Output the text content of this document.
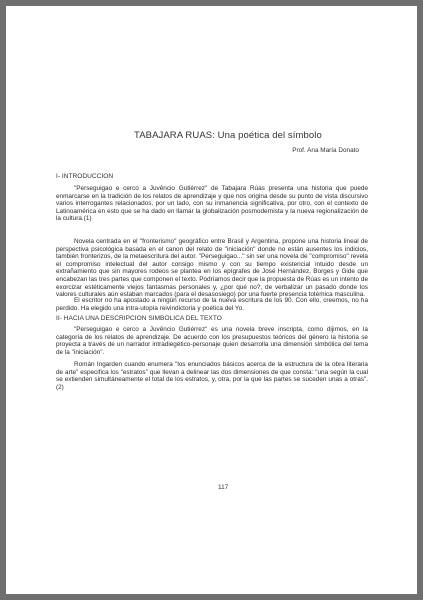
TABAJARA RUAS: Una poética del símbolo
Prof. Ana María Donato
I- INTRODUCCION

"Perseguigao e cerco a Juvêncio Gutiérrez" de Tabajara Rúas presenta una historia que puede enmarcarse en la tradición de los relatos de aprendizaje y que nos origina desde su punto de vista discursivo varios interrogantes relacionados, por un lado, con su inmanencia significativa, por otro, con el contexto de Latinoamérica en esto que se ha dado en llamar la globalización posmodernista y la nueva regionalización de la cultura.(1)

Novela centrada en el "fronterismo" geográfico entre Brasil y Argentina, propone una historia lineal de perspectiva psicológica basada en el canon del relato de "iniciación" donde no están ausentes los indicios, también fronterizos, de la metaescritura del autor. "Perseguigao..." sin ser una novela de "compromiso" revela el compromiso intelectual del autor consigo mismo y con su tiempo existencial intuido desde un extrañamiento que sin mayores rodeos se plantea en los epígrafes de José Hernández, Borges y Gide que encabezan las tres partes que componen el texto. Podríamos decir que la propuesta de Rúas es un intento de exorcizar estéticamente viejos fantasmas personales y, ¿por qué no?, de verbalizar un pasado donde los valores culturales aún estaban marcados (para el desasosiego) por una fuerte presencia totémica masculina.

El escritor no ha apostado a ningún recurso de la nueva escritura de los 90. Con ello, creemos, no ha perdido. Ha elegido una intra-utopía reivindictoria y poética del Yo.

II- HACIA UNA DESCRIPCION SIMBOLICA DEL TEXTO

"Perseguigao e cerco a Juvêncio Gutiérrez" es una novela breve inscripta, como dijimos, en la categoría de los relatos de aprendizaje. De acuerdo con los presupuestos teóricos del género la historia se proyecta a través de un narrador intradiegético-personaje quien desarrolla una dimensión simbólica del tema de la "iniciación".

Román Ingarden cuando enumera "los enunciados básicos acerca de la estructura de la obra literaria de arte" especifica los "estratos" que llevan a delinear las dos dimensiones de que consta: "una según la cual se extienden simultáneamente el total de los estratos, y, otra, por la que las partes se suceden unas a otras".(2)

117
